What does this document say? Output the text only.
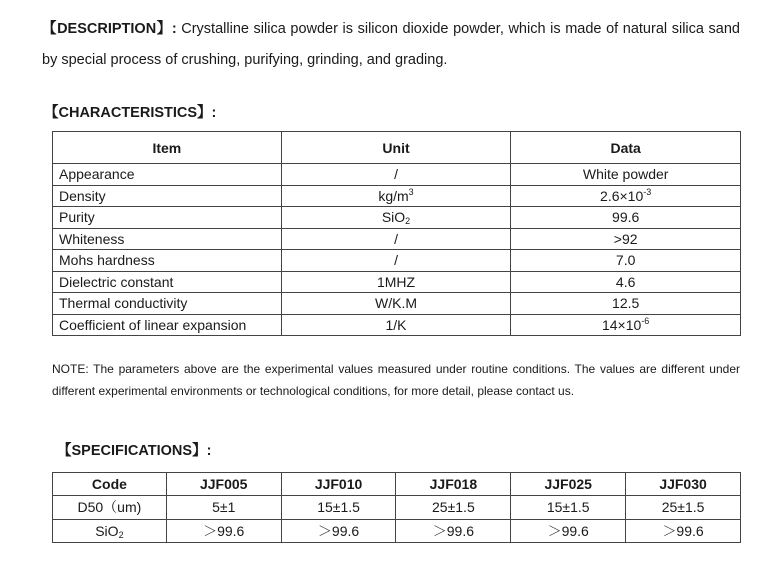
【DESCRIPTION】: Crystalline silica powder is silicon dioxide powder, which is made of natural silica sand by special process of crushing, purifying, grinding, and grading.
【CHARACTERISTICS】:
Item	Unit	Data
Appearance	/	White powder
Density	$kg/m^3$	$2.6\times 10^{-3}$
Purity	SiO$_2$	99.6
Whiteness	/	>92
Mohs hardness	/	7.0
Dielectric constant	1MHZ	4.6
Thermal conductivity	W/K.M	12.5
Coefficient of linear expansion	1/K	$14\times 10^{-6}$
NOTE: The parameters above are the experimental values measured under routine conditions. The values are different under different experimental environments or technological conditions, for more detail, please contact us.
【SPECIFICATIONS】:
Code	JJF005	JJF010	JJF018	JJF025	JJF030
D50（um)	5±1	15±1.5	25±1.5	15±1.5	25±1.5
SiO$_2$	＞99.6	＞99.6	＞99.6	＞99.6	＞99.6
